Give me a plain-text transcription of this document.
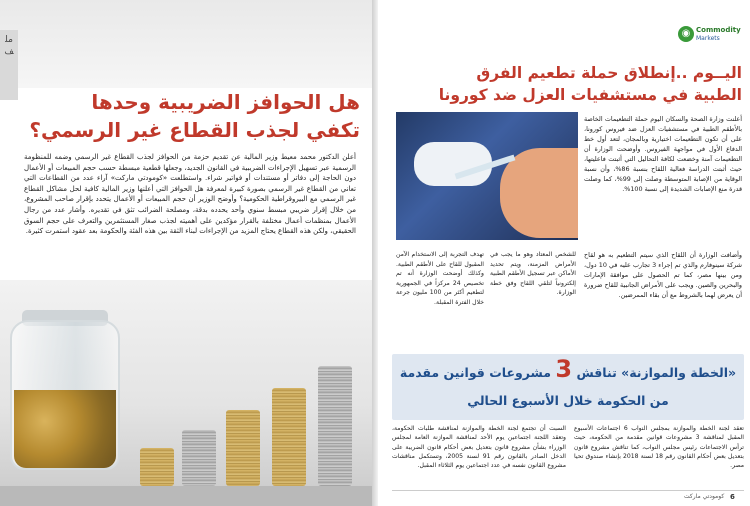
ملف
هل الحوافز الضريبية وحدها
تكفي لجذب القطاع غير الرسمي؟
أعلن الدكتور محمد معيط وزير المالية عن تقديم حزمة من الحوافز لجذب القطاع غير الرسمي وضمه للمنظومة الرسمية عبر تسهيل الإجراءات الضريبية في القانون الجديد، وجعلها قطعية مبسطة حسب حجم المبيعات أو الأعمال دون الحاجة إلى دفاتر أو مستندات أو فواتير شراء. واستطلعت «كومودتي ماركت» آراء عدد من القطاعات التي تعاني من القطاع غير الرسمي بصورة كبيرة لمعرفة هل الحوافز التي أعلنها وزير المالية كافية لحل مشاكل القطاع غير الرسمي مع البيروقراطية الحكومية؟ وأوضح الوزير أن حجم المبيعات أو الأعمال يتحدد بإقرار صاحب المشروع، من خلال إقرار ضريبي مبسط سنوي وأحد يحدده بدقة، ومصلحة الضرائب تثق في تقديره. وأشار عدد من رجال الأعمال بمنظمات أعمال مختلفة بالقرار مؤكدين على أهميته لجذب صغار المستثمرين والتعرف على حجم السوق الحقيقي، ولكن هذه القطاع يحتاج المزيد من الإجراءات لبناء الثقة بين هذه الفئة والحكومة بعد عقود استمرت كثيرة.
◉ Commodity
Markets
اليــوم ..إنطلاق حملة تطعيم الفرق
الطبية في مستشفيات العزل ضد كورونا
أعلنت وزارة الصحة والسكان اليوم حملة التطعيمات الخاصة بالأطقم الطبية في مستشفيات العزل ضد فيروس كورونا، على أن تكون التطعيمات اختيارية وبالمجان، لتعد أول خط الدفاع الأول في مواجهة الفيروس. وأوضحت الوزارة أن التطعيمات آمنة وخضعت لكافة التحاليل التي أثبتت فاعليتها، حيث أثبتت الدراسة فعالية اللقاح بنسبة 86%، وأن نسبة الوقاية من الإصابة المتوسطة وصلت إلى 99%، كما وصلت قدرة منع الإصابات الشديدة إلى نسبة 100%.
وأضافت الوزارة أن اللقاح الذي سيتم التطعيم به هو لقاح شركة سينوفارم والذي تم إجراء 3 تجارب عليه في 10 دول، ومن بينها مصر، كما تم الحصول على موافقة الإمارات والبحرين والصين. ويجب على الأمراض الجانبية للقاح ضرورة أن يعرض لهما بالشروط مع أن بقاء الممرضين.
للشخص المعتاد وهو ما يجب في الأمراض المزمنة، ويتم تحديد الأماكن عبر تسجيل الأطقم الطبية إلكترونياً لتلقي اللقاح وفق خطة الوزارة.
تهدف التجربة إلى الاستخدام الآمن المقبول للقاح على الأطقم الطبية. وكذلك أوضحت الوزارة أنه تم تخصيص 24 مركزاً في الجمهورية لتطعيم أكثر من 100 مليون جرعة خلال الفترة المقبلة.
«الخطة والموازنة» تناقش 3 مشروعات قوانين مقدمة
من الحكومة خلال الأسبوع الحالي
تعقد لجنة الخطة والموازنة بمجلس النواب 6 اجتماعات الأسبوع المقبل لمناقشة 3 مشروعات قوانين مقدمة من الحكومة، حيث ترأس الاجتماعات رئيس مجلس النواب، كما تناقش مشروع قانون بتعديل بعض أحكام القانون رقم 18 لسنة 2018 بإنشاء صندوق تحيا مصر.
السبت أن تجتمع لجنة الخطة والموازنة لمناقشة طلبات الحكومة، وتعقد اللجنة اجتماعين يوم الأحد لمناقشة الموازنة العامة لمجلس الوزراء بشأن مشروع قانون بتعديل بعض أحكام قانون الضريبة على الدخل الصادر بالقانون رقم 91 لسنة 2005، وتستكمل مناقشات مشروع القانون نفسه في عدد اجتماعين يوم الثلاثاء المقبل.
كومودتي ماركت 6
